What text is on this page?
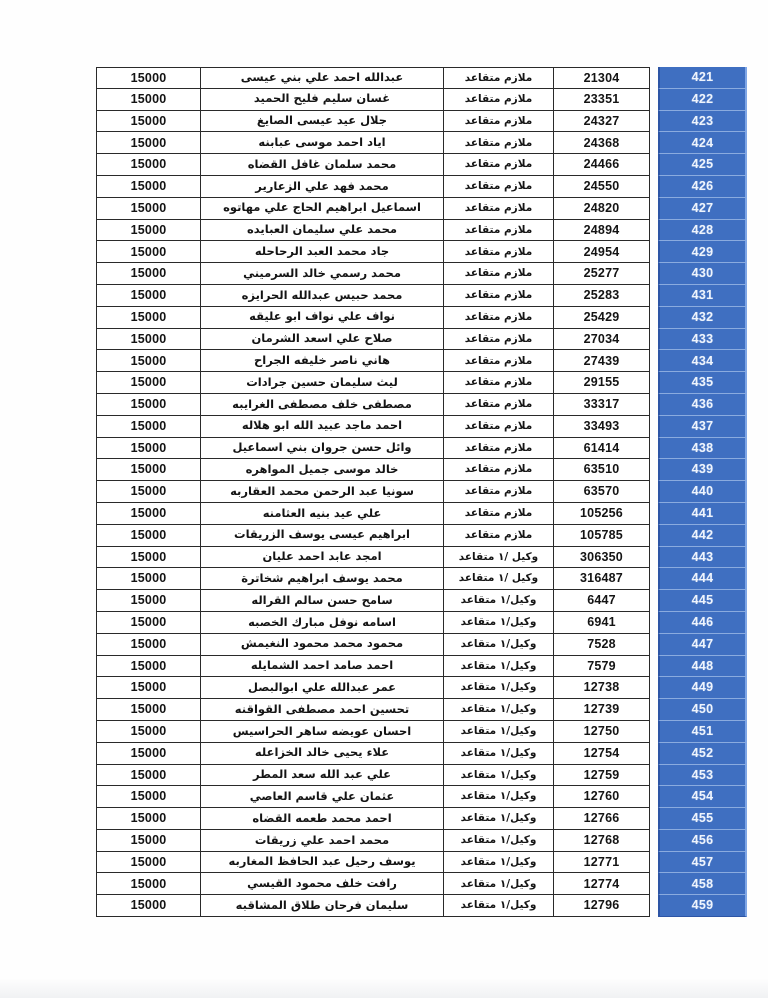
15000	عبدالله احمد علي بني عيسى	ملازم متقاعد	21304	421
15000	غسان سليم فليح الحميد	ملازم متقاعد	23351	422
15000	جلال عيد عيسى الصايغ	ملازم متقاعد	24327	423
15000	اياد احمد موسى عبابنه	ملازم متقاعد	24368	424
15000	محمد سلمان غافل القضاه	ملازم متقاعد	24466	425
15000	محمد فهد علي الزعارير	ملازم متقاعد	24550	426
15000	اسماعيل ابراهيم الحاج علي مهاتوه	ملازم متقاعد	24820	427
15000	محمد علي سليمان العبايده	ملازم متقاعد	24894	428
15000	جاد محمد العبد الرحاحله	ملازم متقاعد	24954	429
15000	محمد رسمي خالد السرميني	ملازم متقاعد	25277	430
15000	محمد حبيس عبدالله الحرايزه	ملازم متقاعد	25283	431
15000	نواف علي نواف ابو عليقه	ملازم متقاعد	25429	432
15000	صلاح علي اسعد الشرمان	ملازم متقاعد	27034	433
15000	هاني ناصر خليفه الجراح	ملازم متقاعد	27439	434
15000	ليث سليمان حسين جرادات	ملازم متقاعد	29155	435
15000	مصطفى خلف مصطفى الغرايبه	ملازم متقاعد	33317	436
15000	احمد ماجد عبيد الله ابو هلاله	ملازم متقاعد	33493	437
15000	وائل حسن جروان بني اسماعيل	ملازم متقاعد	61414	438
15000	خالد موسى جميل المواهره	ملازم متقاعد	63510	439
15000	سونيا عبد الرحمن محمد العقاربه	ملازم متقاعد	63570	440
15000	علي عيد بنيه العثامنه	ملازم متقاعد	105256	441
15000	ابراهيم عيسى يوسف الزريقات	ملازم متقاعد	105785	442
15000	امجد عابد احمد عليان	وكيل /١ متقاعد	306350	443
15000	محمد يوسف ابراهيم شخاترة	وكيل /١ متقاعد	316487	444
15000	سامح حسن سالم القراله	وكيل/١ متقاعد	6447	445
15000	اسامه نوفل مبارك الخصبه	وكيل/١ متقاعد	6941	446
15000	محمود محمد محمود النغيمش	وكيل/١ متقاعد	7528	447
15000	احمد صامد احمد الشمايله	وكيل/١ متقاعد	7579	448
15000	عمر عبدالله علي ابوالبصل	وكيل/١ متقاعد	12738	449
15000	تحسين احمد مصطفى القواقنه	وكيل/١ متقاعد	12739	450
15000	احسان عويضه ساهر الحراسيس	وكيل/١ متقاعد	12750	451
15000	علاء يحيى خالد الخزاعله	وكيل/١ متقاعد	12754	452
15000	علي عبد الله سعد المطر	وكيل/١ متقاعد	12759	453
15000	عثمان علي قاسم العاصي	وكيل/١ متقاعد	12760	454
15000	احمد محمد طعمه القضاه	وكيل/١ متقاعد	12766	455
15000	محمد احمد علي زريقات	وكيل/١ متقاعد	12768	456
15000	يوسف رحيل عبد الحافظ المغاربه	وكيل/١ متقاعد	12771	457
15000	رافت خلف محمود القيسي	وكيل/١ متقاعد	12774	458
15000	سليمان فرحان طلاق المشاقبه	وكيل/١ متقاعد	12796	459
